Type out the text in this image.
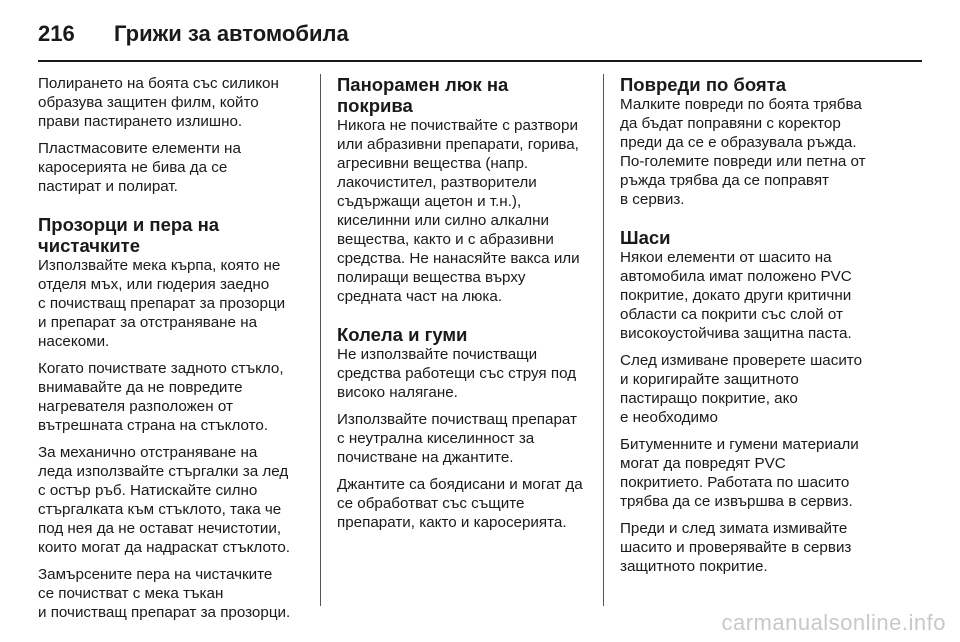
216	Грижи за автомобила

Полирането на боята със силикон
образува защитен филм, който
прави пастирането излишно.

Пластмасовите елементи на
каросерията не бива да се
пастират и полират.

Прозорци и пера на
чистачките

Използвайте мека кърпа, която не
отделя мъх, или гюдерия заедно
с почистващ препарат за прозорци
и препарат за отстраняване на
насекоми.

Когато почиствате задното стъкло,
внимавайте да не повредите
нагревателя разположен от
вътрешната страна на стъклото.

За механично отстраняване на
леда използвайте стъргалки за лед
с остър ръб. Натискайте силно
стъргалката към стъклото, така че
под нея да не остават нечистотии,
които могат да надраскат стъклото.

Замърсените пера на чистачките
се почистват с мека тъкан
и почистващ препарат за прозорци.

Панорамен люк на покрива

Никога не почиствайте с разтвори
или абразивни препарати, горива,
агресивни вещества (напр.
лакочистител, разтворители
съдържащи ацетон и т.н.),
киселинни или силно алкални
вещества, както и с абразивни
средства. Не нанасяйте вакса или
полиращи вещества върху
средната част на люка.

Колела и гуми

Не използвайте почистващи
средства работещи със струя под
високо налягане.

Използвайте почистващ препарат
с неутрална киселинност за
почистване на джантите.

Джантите са боядисани и могат да
се обработват със същите
препарати, както и каросерията.

Повреди по боята

Малките повреди по боята трябва
да бъдат поправяни с коректор
преди да се е образувала ръжда.
По-големите повреди или петна от
ръжда трябва да се поправят
в сервиз.

Шаси

Някои елементи от шасито на
автомобила имат положено PVC
покритие, докато други критични
области са покрити със слой от
високоустойчива защитна паста.

След измиване проверете шасито
и коригирайте защитното
пастиращо покритие, ако
е необходимо

Битуменните и гумени материали
могат да повредят PVC
покритието. Работата по шасито
трябва да се извършва в сервиз.

Преди и след зимата измивайте
шасито и проверявайте в сервиз
защитното покритие.

carmanualsonline.info
